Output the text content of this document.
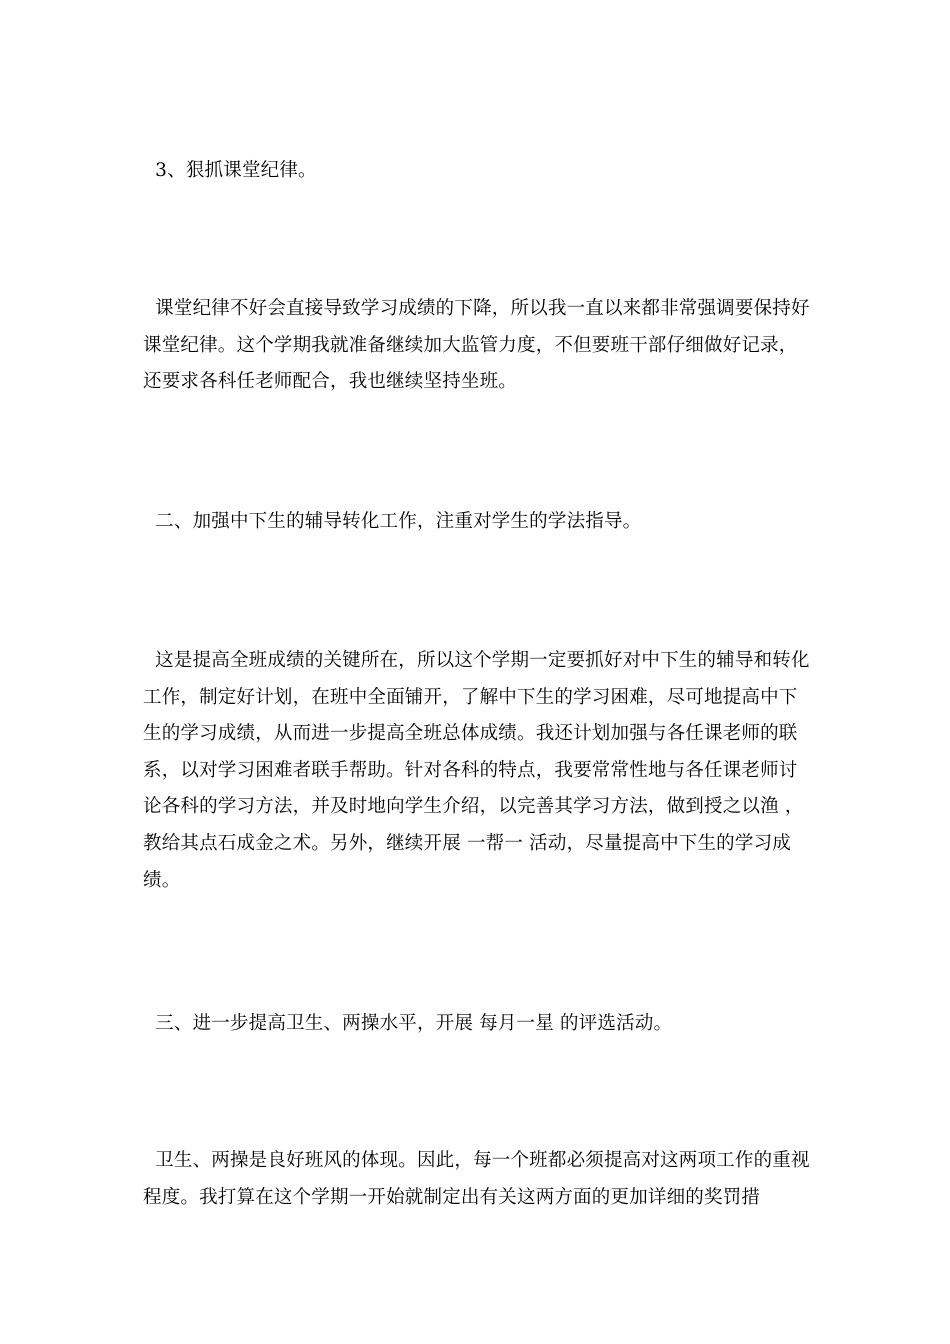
3、狠抓课堂纪律。

课堂纪律不好会直接导致学习成绩的下降，所以我一直以来都非常强调要保持好课堂纪律。这个学期我就准备继续加大监管力度，不但要班干部仔细做好记录，还要求各科任老师配合，我也继续坚持坐班。

二、加强中下生的辅导转化工作，注重对学生的学法指导。

这是提高全班成绩的关键所在，所以这个学期一定要抓好对中下生的辅导和转化工作，制定好计划，在班中全面铺开，了解中下生的学习困难，尽可地提高中下生的学习成绩，从而进一步提高全班总体成绩。我还计划加强与各任课老师的联系，以对学习困难者联手帮助。针对各科的特点，我要常常性地与各任课老师讨论各科的学习方法，并及时地向学生介绍，以完善其学习方法，做到授之以渔 ，教给其点石成金之术。另外，继续开展 一帮一 活动，尽量提高中下生的学习成绩。

三、进一步提高卫生、两操水平，开展 每月一星 的评选活动。

卫生、两操是良好班风的体现。因此，每一个班都必须提高对这两项工作的重视程度。我打算在这个学期一开始就制定出有关这两方面的更加详细的奖罚措
